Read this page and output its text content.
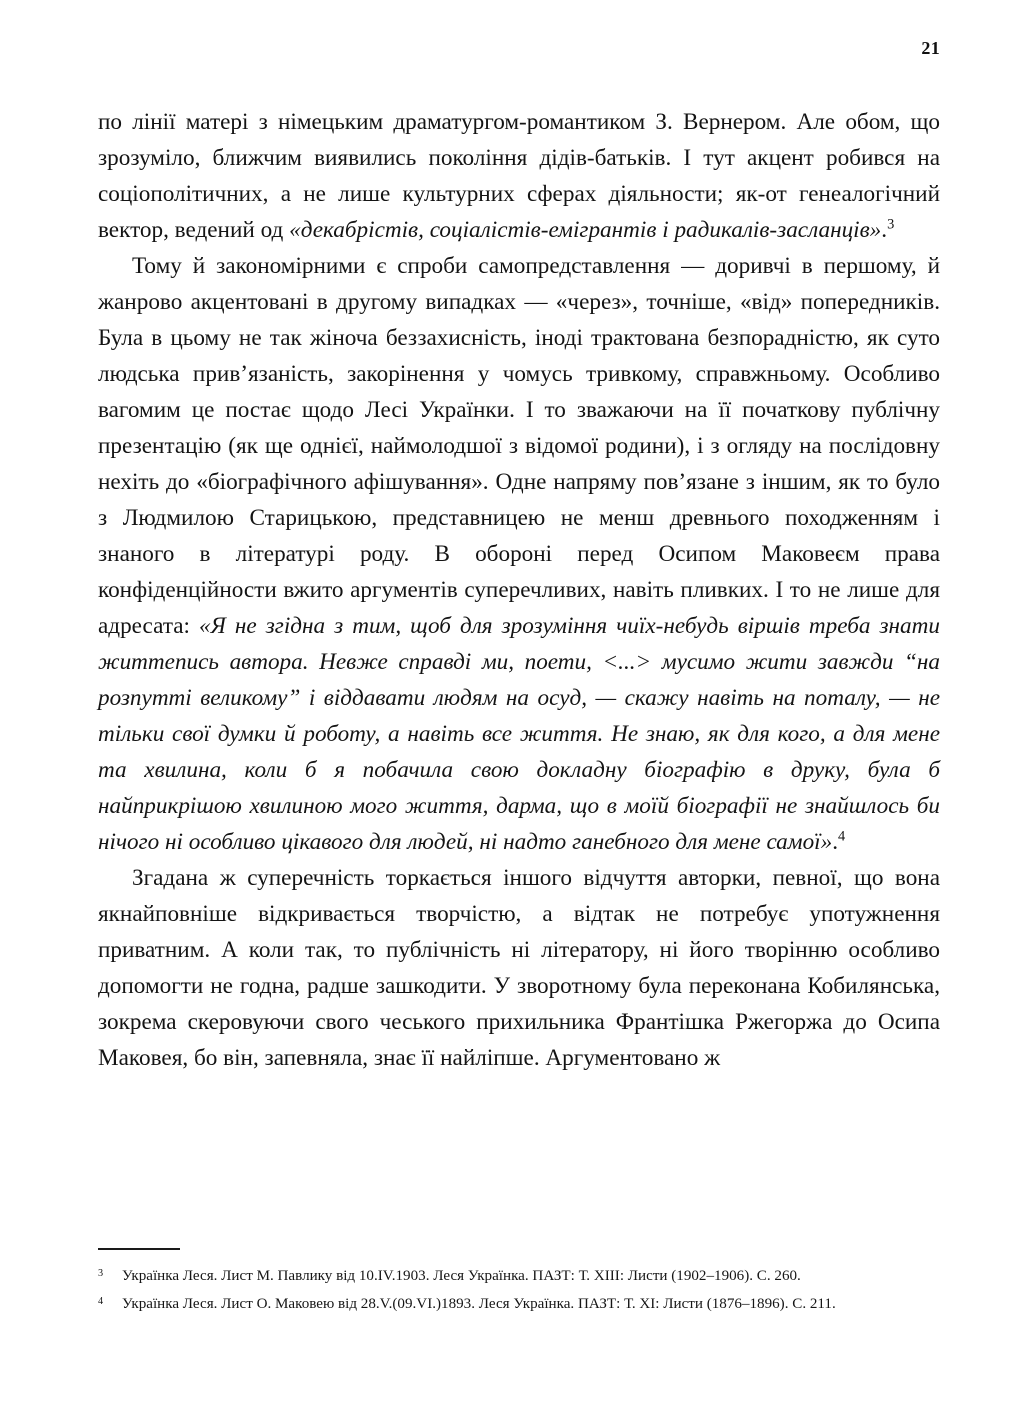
21

по лінії матері з німецьким драматургом-романтиком З. Вернером. Але обом, що зрозуміло, ближчим виявились покоління дідів-батьків. І тут акцент робився на соціополітичних, а не лише культурних сферах діяльности; як-от генеалогічний вектор, ведений од «декабрістів, соціалістів-емігрантів і радикалів-засланців».$^3$

Тому й закономірними є спроби самопредставлення — доривчі в першому, й жанрово акцентовані в другому випадках — «через», точніше, «від» попередників. Була в цьому не так жіноча беззахисність, іноді трактована безпорадністю, як суто людська прив’язаність, закорінення у чомусь тривкому, справжньому. Особливо вагомим це постає щодо Лесі Українки. І то зважаючи на її початкову публічну презентацію (як ще однієї, наймолодшої з відомої родини), і з огляду на послідовну нехіть до «біографічного афішування». Одне напряму пов’язане з іншим, як то було з Людмилою Старицькою, представницею не менш древнього походженням і знаного в літературі роду. В обороні перед Осипом Маковеєм права конфіденційности вжито аргументів суперечливих, навіть пливких. І то не лише для адресата: «Я не згідна з тим, щоб для зрозуміння чиїх-небудь віршів треба знати життепись автора. Невже справді ми, поети, <...> мусимо жити завжди “на розпутті великому” і віддавати людям на осуд, — скажу навіть на поталу, — не тільки свої думки й роботу, а навіть все життя. Не знаю, як для кого, а для мене та хвилина, коли б я побачила свою докладну біографію в друку, була б найприкрішою хвилиною мого життя, дарма, що в моїй біографії не знайшлось би нічого ні особливо цікавого для людей, ні надто ганебного для мене самої».$^4$

Згадана ж суперечність торкається іншого відчуття авторки, певної, що вона якнайповніше відкривається творчістю, а відтак не потребує употужнення приватним. А коли так, то публічність ні літератору, ні його творінню особливо допомогти не годна, радше зашкодити. У зворотному була переконана Кобилянська, зокрема скеровуючи свого чеського прихильника Франтішка Ржегоржа до Осипа Маковея, бо він, запевняла, знає її найліпше. Аргументовано ж

3	Українка Леся. Лист М. Павлику від 10.IV.1903. Леся Українка. ПАЗТ: Т. XIII: Листи (1902–1906). С. 260.
4	Українка Леся. Лист О. Маковею від 28.V.(09.VI.)1893. Леся Українка. ПАЗТ: Т. XI: Листи (1876–1896). С. 211.
